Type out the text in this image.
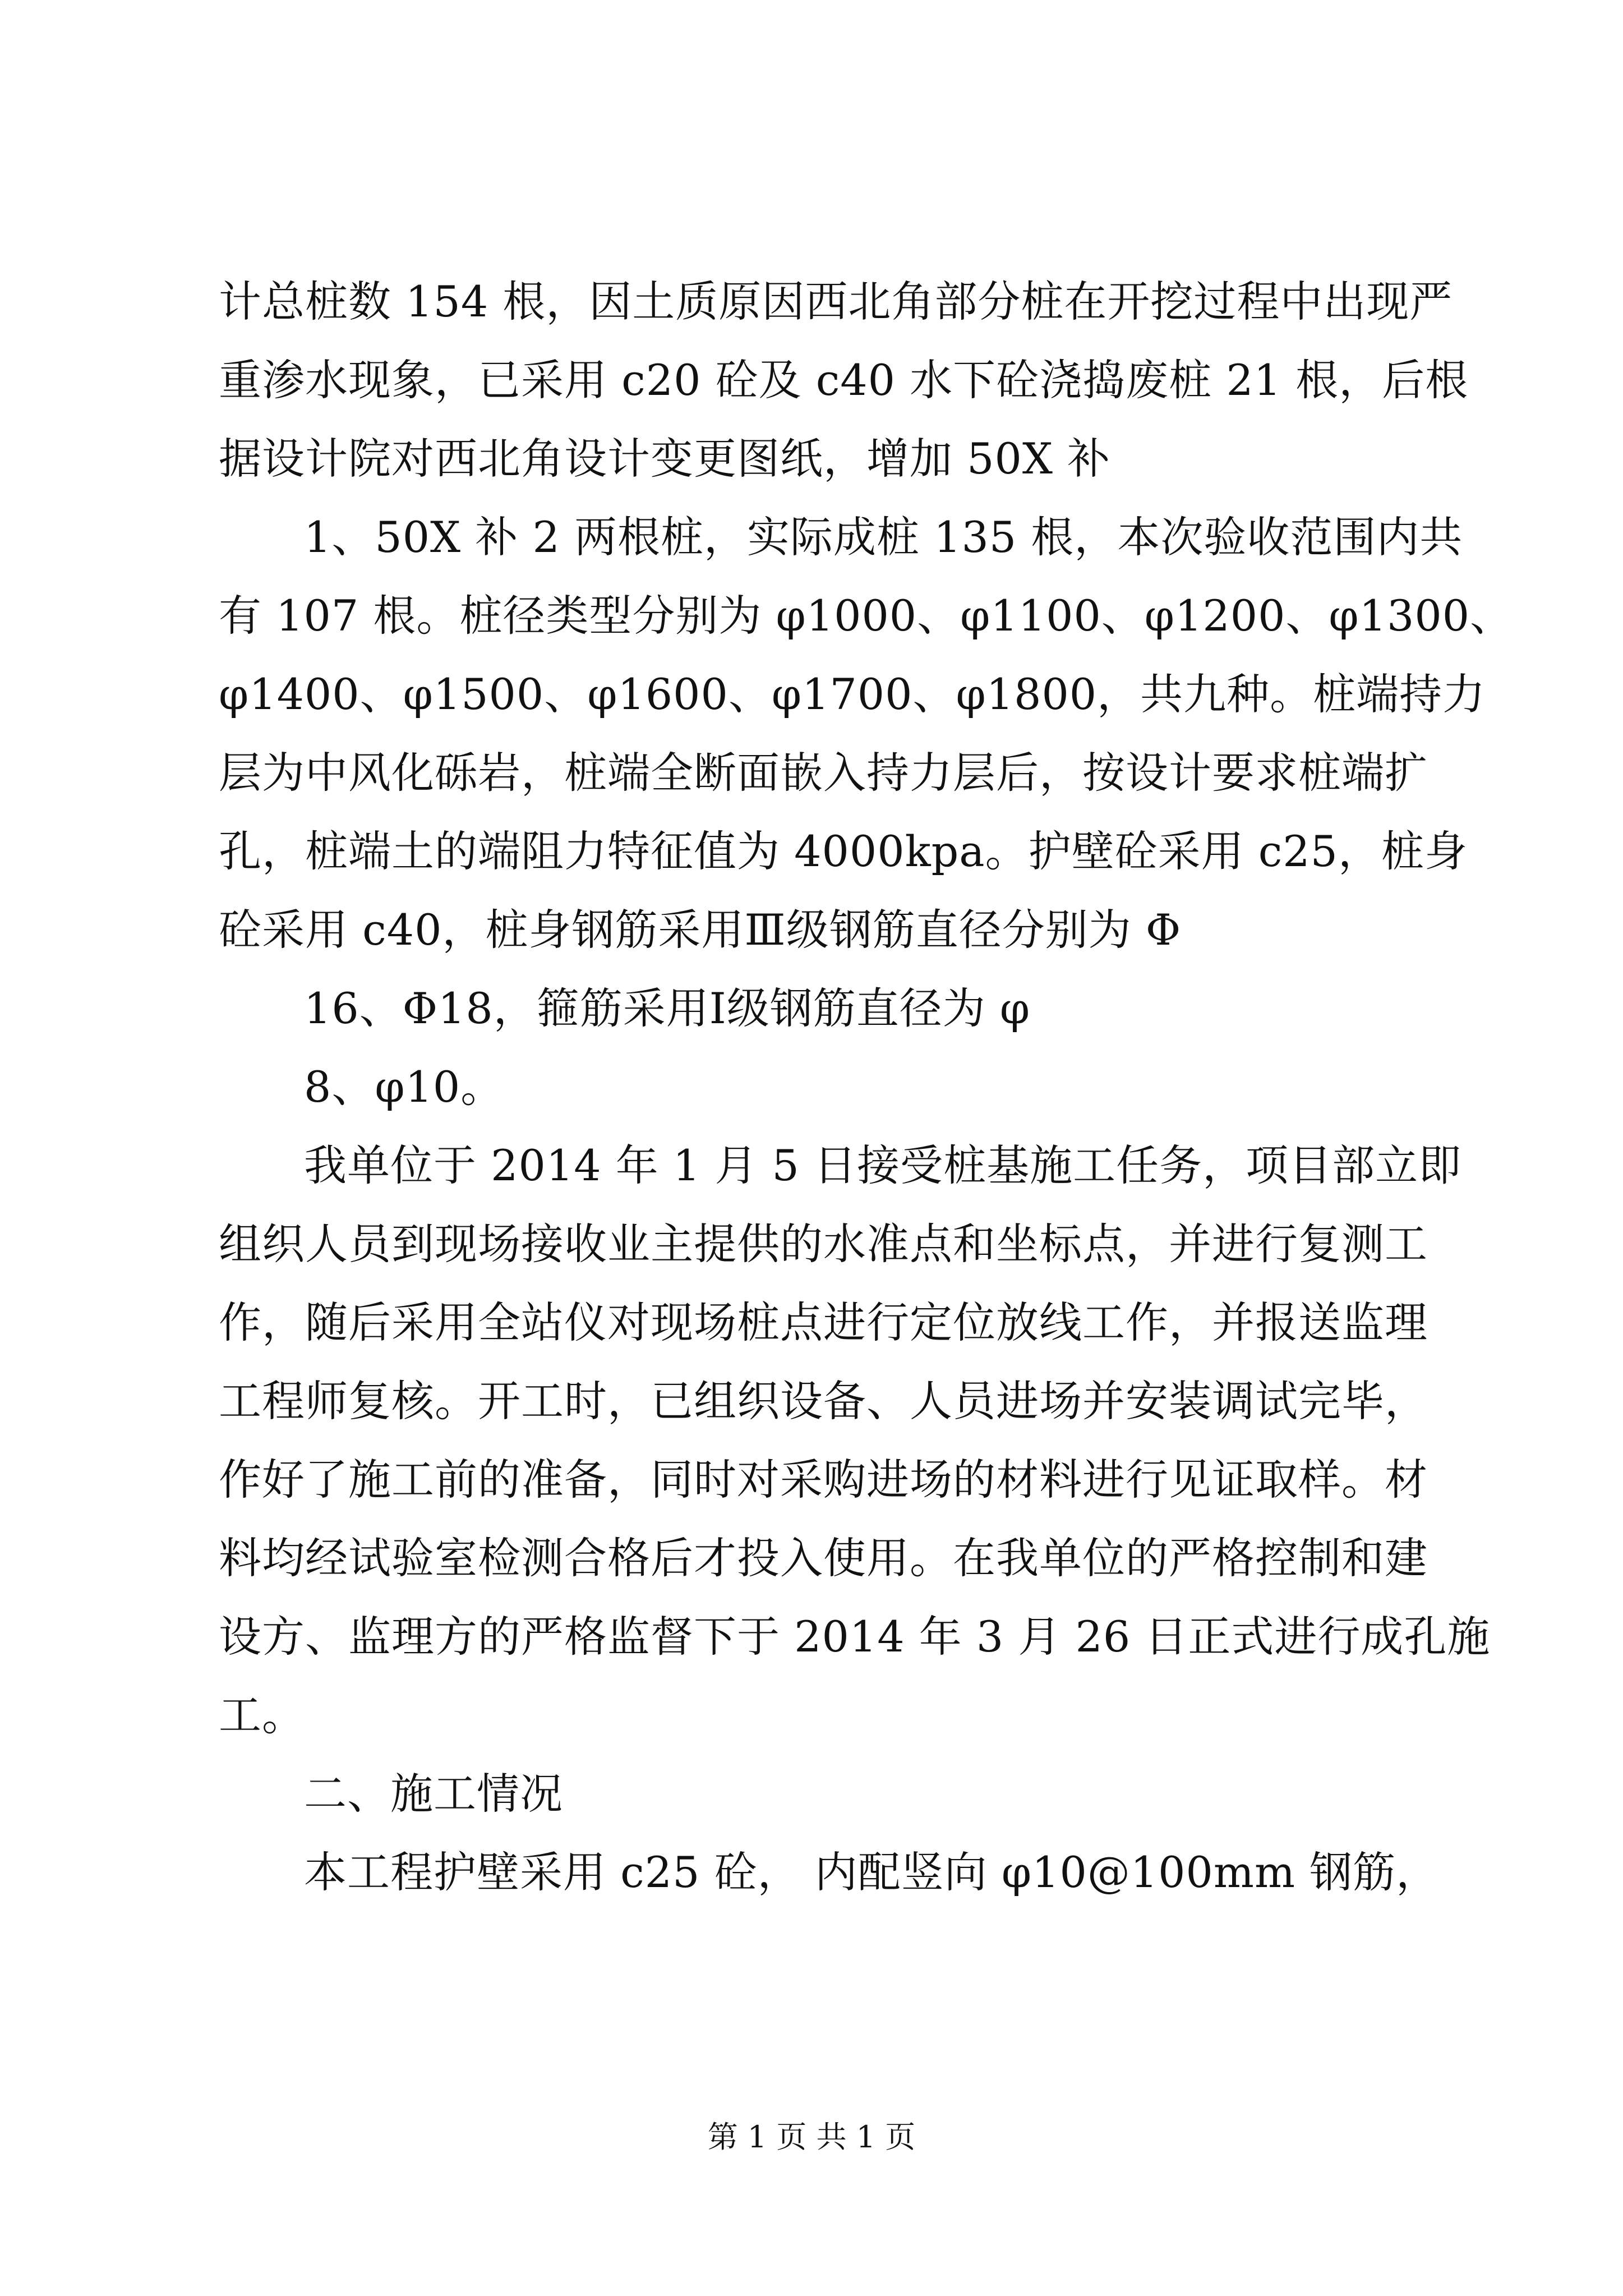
计总桩数 154 根，因土质原因西北角部分桩在开挖过程中出现严
重渗水现象，已采用 c20 砼及 c40 水下砼浇捣废桩 21 根，后根
据设计院对西北角设计变更图纸，增加 50X 补
1、50X 补 2 两根桩，实际成桩 135 根，本次验收范围内共
有 107 根。桩径类型分别为 φ1000、φ1100、φ1200、φ1300、
φ1400、φ1500、φ1600、φ1700、φ1800，共九种。桩端持力
层为中风化砾岩，桩端全断面嵌入持力层后，按设计要求桩端扩
孔，桩端土的端阻力特征值为 4000kpa。护壁砼采用 c25，桩身
砼采用 c40，桩身钢筋采用Ⅲ级钢筋直径分别为 Φ
16、Φ18，箍筋采用Ⅰ级钢筋直径为 φ
8、φ10。
我单位于 2014 年 1 月 5 日接受桩基施工任务，项目部立即
组织人员到现场接收业主提供的水准点和坐标点，并进行复测工
作，随后采用全站仪对现场桩点进行定位放线工作，并报送监理
工程师复核。开工时，已组织设备、人员进场并安装调试完毕，
作好了施工前的准备，同时对采购进场的材料进行见证取样。材
料均经试验室检测合格后才投入使用。在我单位的严格控制和建
设方、监理方的严格监督下于 2014 年 3 月 26 日正式进行成孔施
工。
二、施工情况
本工程护壁采用 c25 砼， 内配竖向 φ10@100mm 钢筋，
第 1 页 共 1 页
